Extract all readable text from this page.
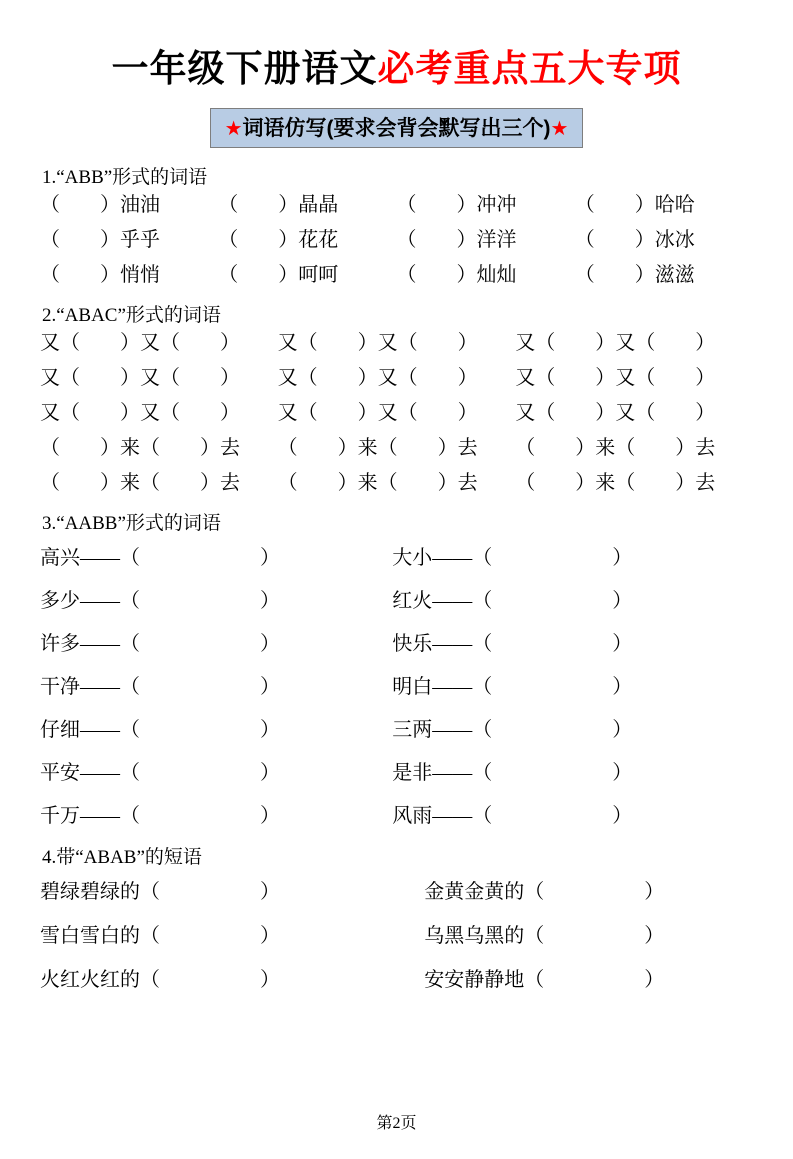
一年级下册语文必考重点五大专项
★词语仿写(要求会背会默写出三个)★
1.“ABB”形式的词语
（　　）油油	（　　）晶晶	（　　）冲冲	（　　）哈哈
（　　）乎乎	（　　）花花	（　　）洋洋	（　　）冰冰
（　　）悄悄	（　　）呵呵	（　　）灿灿	（　　）滋滋
2.“ABAC”形式的词语
又（　　）又（　　）	又（　　）又（　　）	又（　　）又（　　）
又（　　）又（　　）	又（　　）又（　　）	又（　　）又（　　）
又（　　）又（　　）	又（　　）又（　　）	又（　　）又（　　）
（　　）来（　　）去	（　　）来（　　）去	（　　）来（　　）去
（　　）来（　　）去	（　　）来（　　）去	（　　）来（　　）去
3.“AABB”形式的词语
高兴——（　　　　　　）	大小——（　　　　　　）
多少——（　　　　　　）	红火——（　　　　　　）
许多——（　　　　　　）	快乐——（　　　　　　）
干净——（　　　　　　）	明白——（　　　　　　）
仔细——（　　　　　　）	三两——（　　　　　　）
平安——（　　　　　　）	是非——（　　　　　　）
千万——（　　　　　　）	风雨——（　　　　　　）
4.带“ABAB”的短语
碧绿碧绿的（　　　　　）	金黄金黄的（　　　　　）
雪白雪白的（　　　　　）	乌黑乌黑的（　　　　　）
火红火红的（　　　　　）	安安静静地（　　　　　）
第2页
